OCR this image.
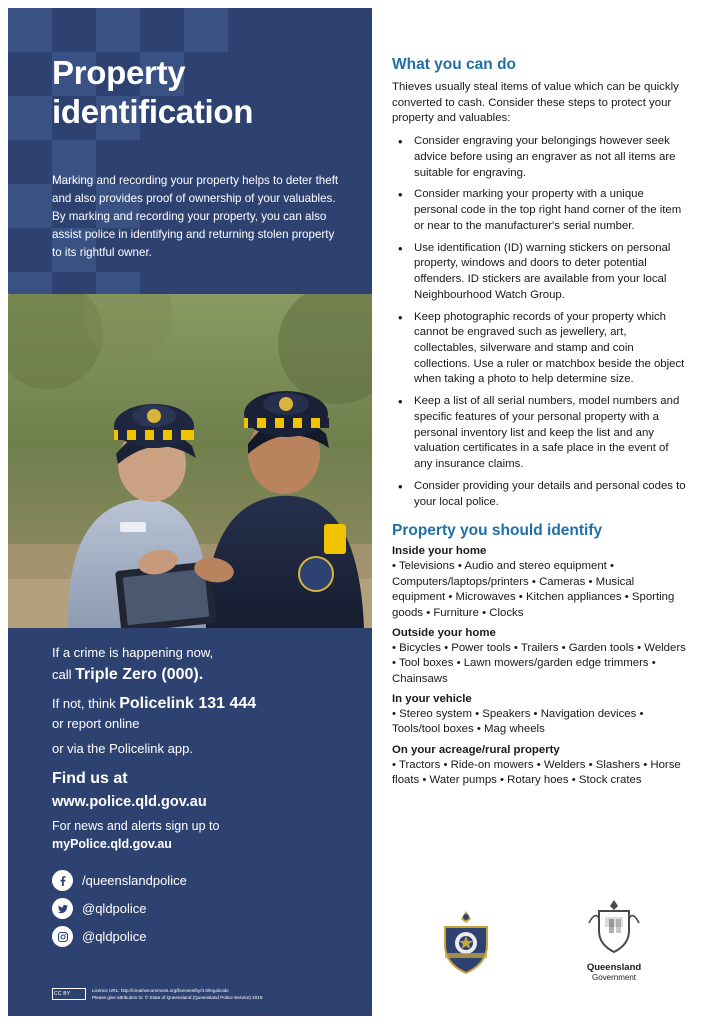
Property
identification
Marking and recording your property helps to deter theft and also provides proof of ownership of your valuables. By marking and recording your property, you can also assist police in identifying and returning stolen property to its rightful owner.
If a crime is happening now,
call Triple Zero (000).
If not, think Policelink 131 444
or report online
or via the Policelink app.
Find us at
www.police.qld.gov.au
For news and alerts sign up to
myPolice.qld.gov.au
/queenslandpolice
@qldpolice
@qldpolice
CC BY	Licence URL: http://creativecommons.org/licenses/by/4.0/legalcode
Please give attribution to: © State of Queensland (Queensland Police Service) 2019
What you can do
Thieves usually steal items of value which can be quickly converted to cash. Consider these steps to protect your property and valuables:
• Consider engraving your belongings however seek advice before using an engraver as not all items are suitable for engraving.
• Consider marking your property with a unique personal code in the top right hand corner of the item or near to the manufacturer's serial number.
• Use identification (ID) warning stickers on personal property, windows and doors to deter potential offenders. ID stickers are available from your local Neighbourhood Watch Group.
• Keep photographic records of your property which cannot be engraved such as jewellery, art, collectables, silverware and stamp and coin collections. Use a ruler or matchbox beside the object when taking a photo to help determine size.
• Keep a list of all serial numbers, model numbers and specific features of your personal property with a personal inventory list and keep the list and any valuation certificates in a safe place in the event of any insurance claims.
• Consider providing your details and personal codes to your local police.
Property you should identify
Inside your home
• Televisions • Audio and stereo equipment • Computers/laptops/printers • Cameras • Musical equipment • Microwaves • Kitchen appliances • Sporting goods • Furniture • Clocks
Outside your home
• Bicycles • Power tools • Trailers • Garden tools • Welders • Tool boxes • Lawn mowers/garden edge trimmers • Chainsaws
In your vehicle
• Stereo system • Speakers • Navigation devices • Tools/tool boxes • Mag wheels
On your acreage/rural property
• Tractors • Ride-on mowers • Welders • Slashers • Horse floats • Water pumps • Rotary hoes • Stock crates
Queensland
Government
